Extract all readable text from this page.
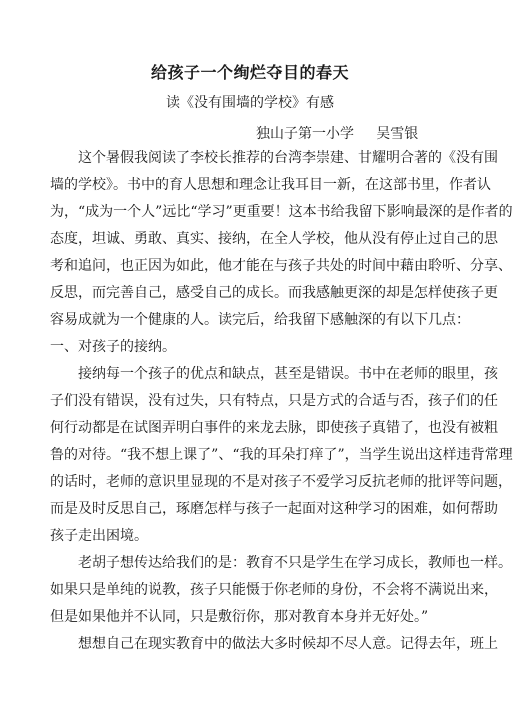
给孩子一个绚烂夺目的春天
读《没有围墙的学校》有感
独山子第一小学     吴雪银
这个暑假我阅读了李校长推荐的台湾李崇建、甘耀明合著的《没有围
墙的学校》。书中的育人思想和理念让我耳目一新，在这部书里，作者认
为，“成为一个人”远比“学习”更重要！这本书给我留下影响最深的是作者的
态度，坦诚、勇敢、真实、接纳，在全人学校，他从没有停止过自己的思
考和追问，也正因为如此，他才能在与孩子共处的时间中藉由聆听、分享、
反思，而完善自己，感受自己的成长。而我感触更深的却是怎样使孩子更
容易成就为一个健康的人。读完后，给我留下感触深的有以下几点：
一、对孩子的接纳。
接纳每一个孩子的优点和缺点，甚至是错误。书中在老师的眼里，孩
子们没有错误，没有过失，只有特点，只是方式的合适与否，孩子们的任
何行动都是在试图弄明白事件的来龙去脉，即使孩子真错了，也没有被粗
鲁的对待。“我不想上课了”、“我的耳朵打痒了”，当学生说出这样违背常理
的话时，老师的意识里显现的不是对孩子不爱学习反抗老师的批评等问题，
而是及时反思自己，琢磨怎样与孩子一起面对这种学习的困难，如何帮助
孩子走出困境。
老胡子想传达给我们的是：教育不只是学生在学习成长，教师也一样。
如果只是单纯的说教，孩子只能慑于你老师的身份，不会将不满说出来，
但是如果他并不认同，只是敷衍你，那对教育本身并无好处。”
想想自己在现实教育中的做法大多时候却不尽人意。记得去年，班上
